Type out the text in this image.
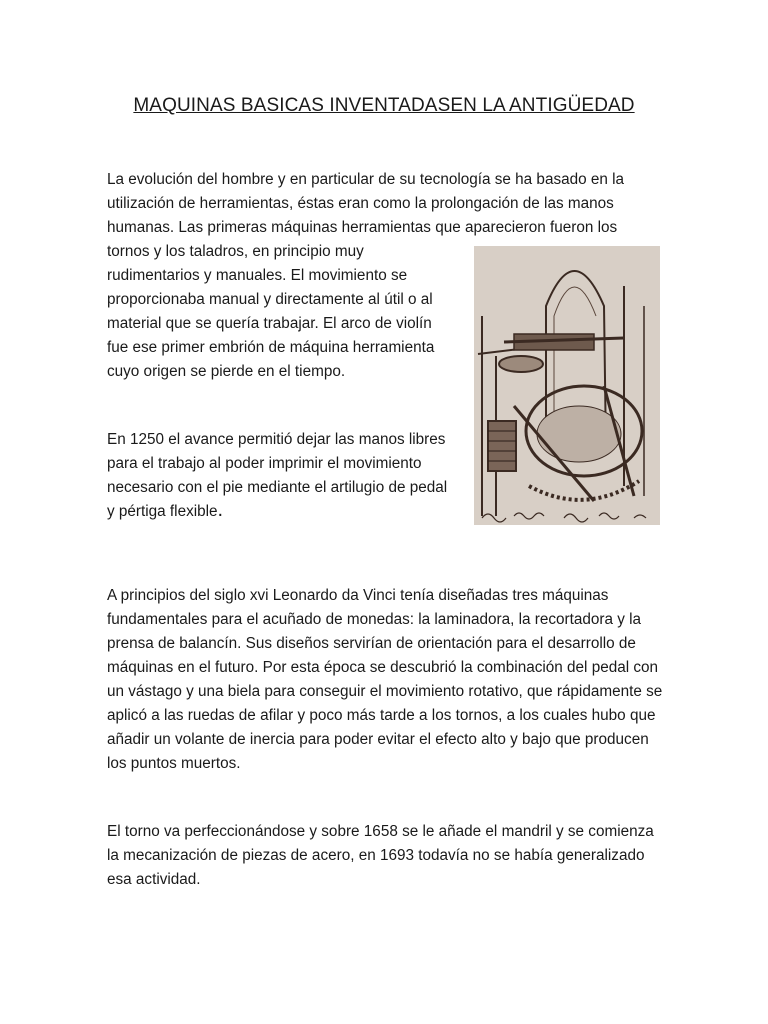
MAQUINAS BASICAS INVENTADASEN LA ANTIGÜEDAD

La evolución del hombre y en particular de su tecnología se ha basado en la utilización de herramientas, éstas eran como la prolongación de las manos humanas. Las primeras máquinas herramientas que aparecieron fueron los

tornos y los taladros, en principio muy rudimentarios y manuales. El movimiento se proporcionaba manual y directamente al útil o al material que se quería trabajar. El arco de violín fue ese primer embrión de máquina herramienta cuyo origen se pierde en el tiempo.

En 1250 el avance permitió dejar las manos libres para el trabajo al poder imprimir el movimiento necesario con el pie mediante el artilugio de pedal y pértiga flexible.

A principios del siglo xvi Leonardo da Vinci tenía diseñadas tres máquinas fundamentales para el acuñado de monedas: la laminadora, la recortadora y la prensa de balancín. Sus diseños servirían de orientación para el desarrollo de máquinas en el futuro. Por esta época se descubrió la combinación del pedal con un vástago y una biela para conseguir el movimiento rotativo, que rápidamente se aplicó a las ruedas de afilar y poco más tarde a los tornos, a los cuales hubo que añadir un volante de inercia para poder evitar el efecto alto y bajo que producen los puntos muertos.

El torno va perfeccionándose y sobre 1658 se le añade el mandril y se comienza la mecanización de piezas de acero, en 1693 todavía no se había generalizado esa actividad.
